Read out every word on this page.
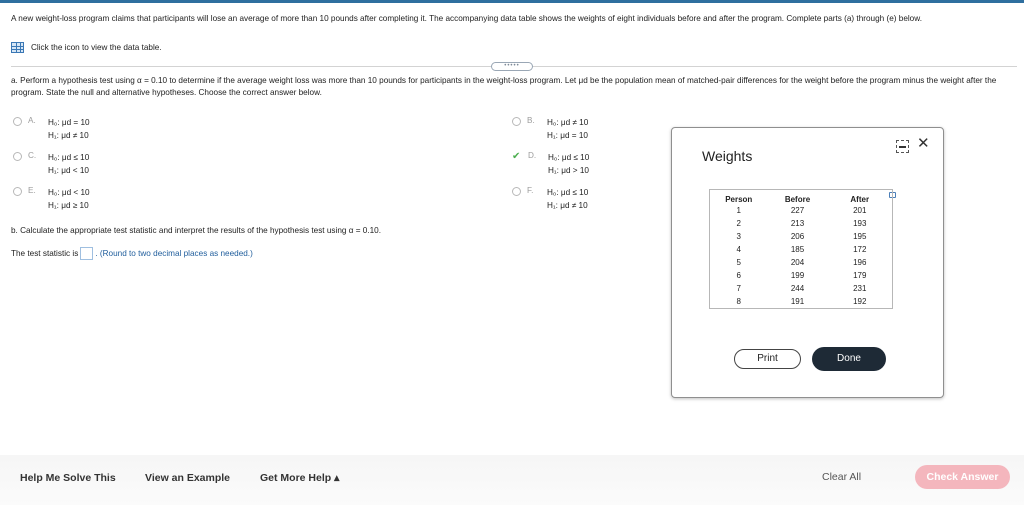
A new weight-loss program claims that participants will lose an average of more than 10 pounds after completing it. The accompanying data table shows the weights of eight individuals before and after the program. Complete parts (a) through (e) below.
Click the icon to view the data table.
•••••
a. Perform a hypothesis test using α = 0.10 to determine if the average weight loss was more than 10 pounds for participants in the weight-loss program. Let μd be the population mean of matched-pair differences for the weight before the program minus the weight after the program. State the null and alternative hypotheses. Choose the correct answer below.
A.	H₀: μd = 10
H₁: μd ≠ 10
B.	H₀: μd ≠ 10
H₁: μd = 10
C.	H₀: μd ≤ 10
H₁: μd < 10
✔ D.	H₀: μd ≤ 10
H₁: μd > 10
E.	H₀: μd < 10
H₁: μd ≥ 10
F.	H₀: μd ≤ 10
H₁: μd ≠ 10
b. Calculate the appropriate test statistic and interpret the results of the hypothesis test using α = 0.10.
The test statistic is . (Round to two decimal places as needed.)
Weights
✕
Person	Before	After
1	227	201
2	213	193
3	206	195
4	185	172
5	204	196
6	199	179
7	244	231
8	191	192
Print	Done
Help Me Solve This	View an Example	Get More Help ▴	Clear All	Check Answer
